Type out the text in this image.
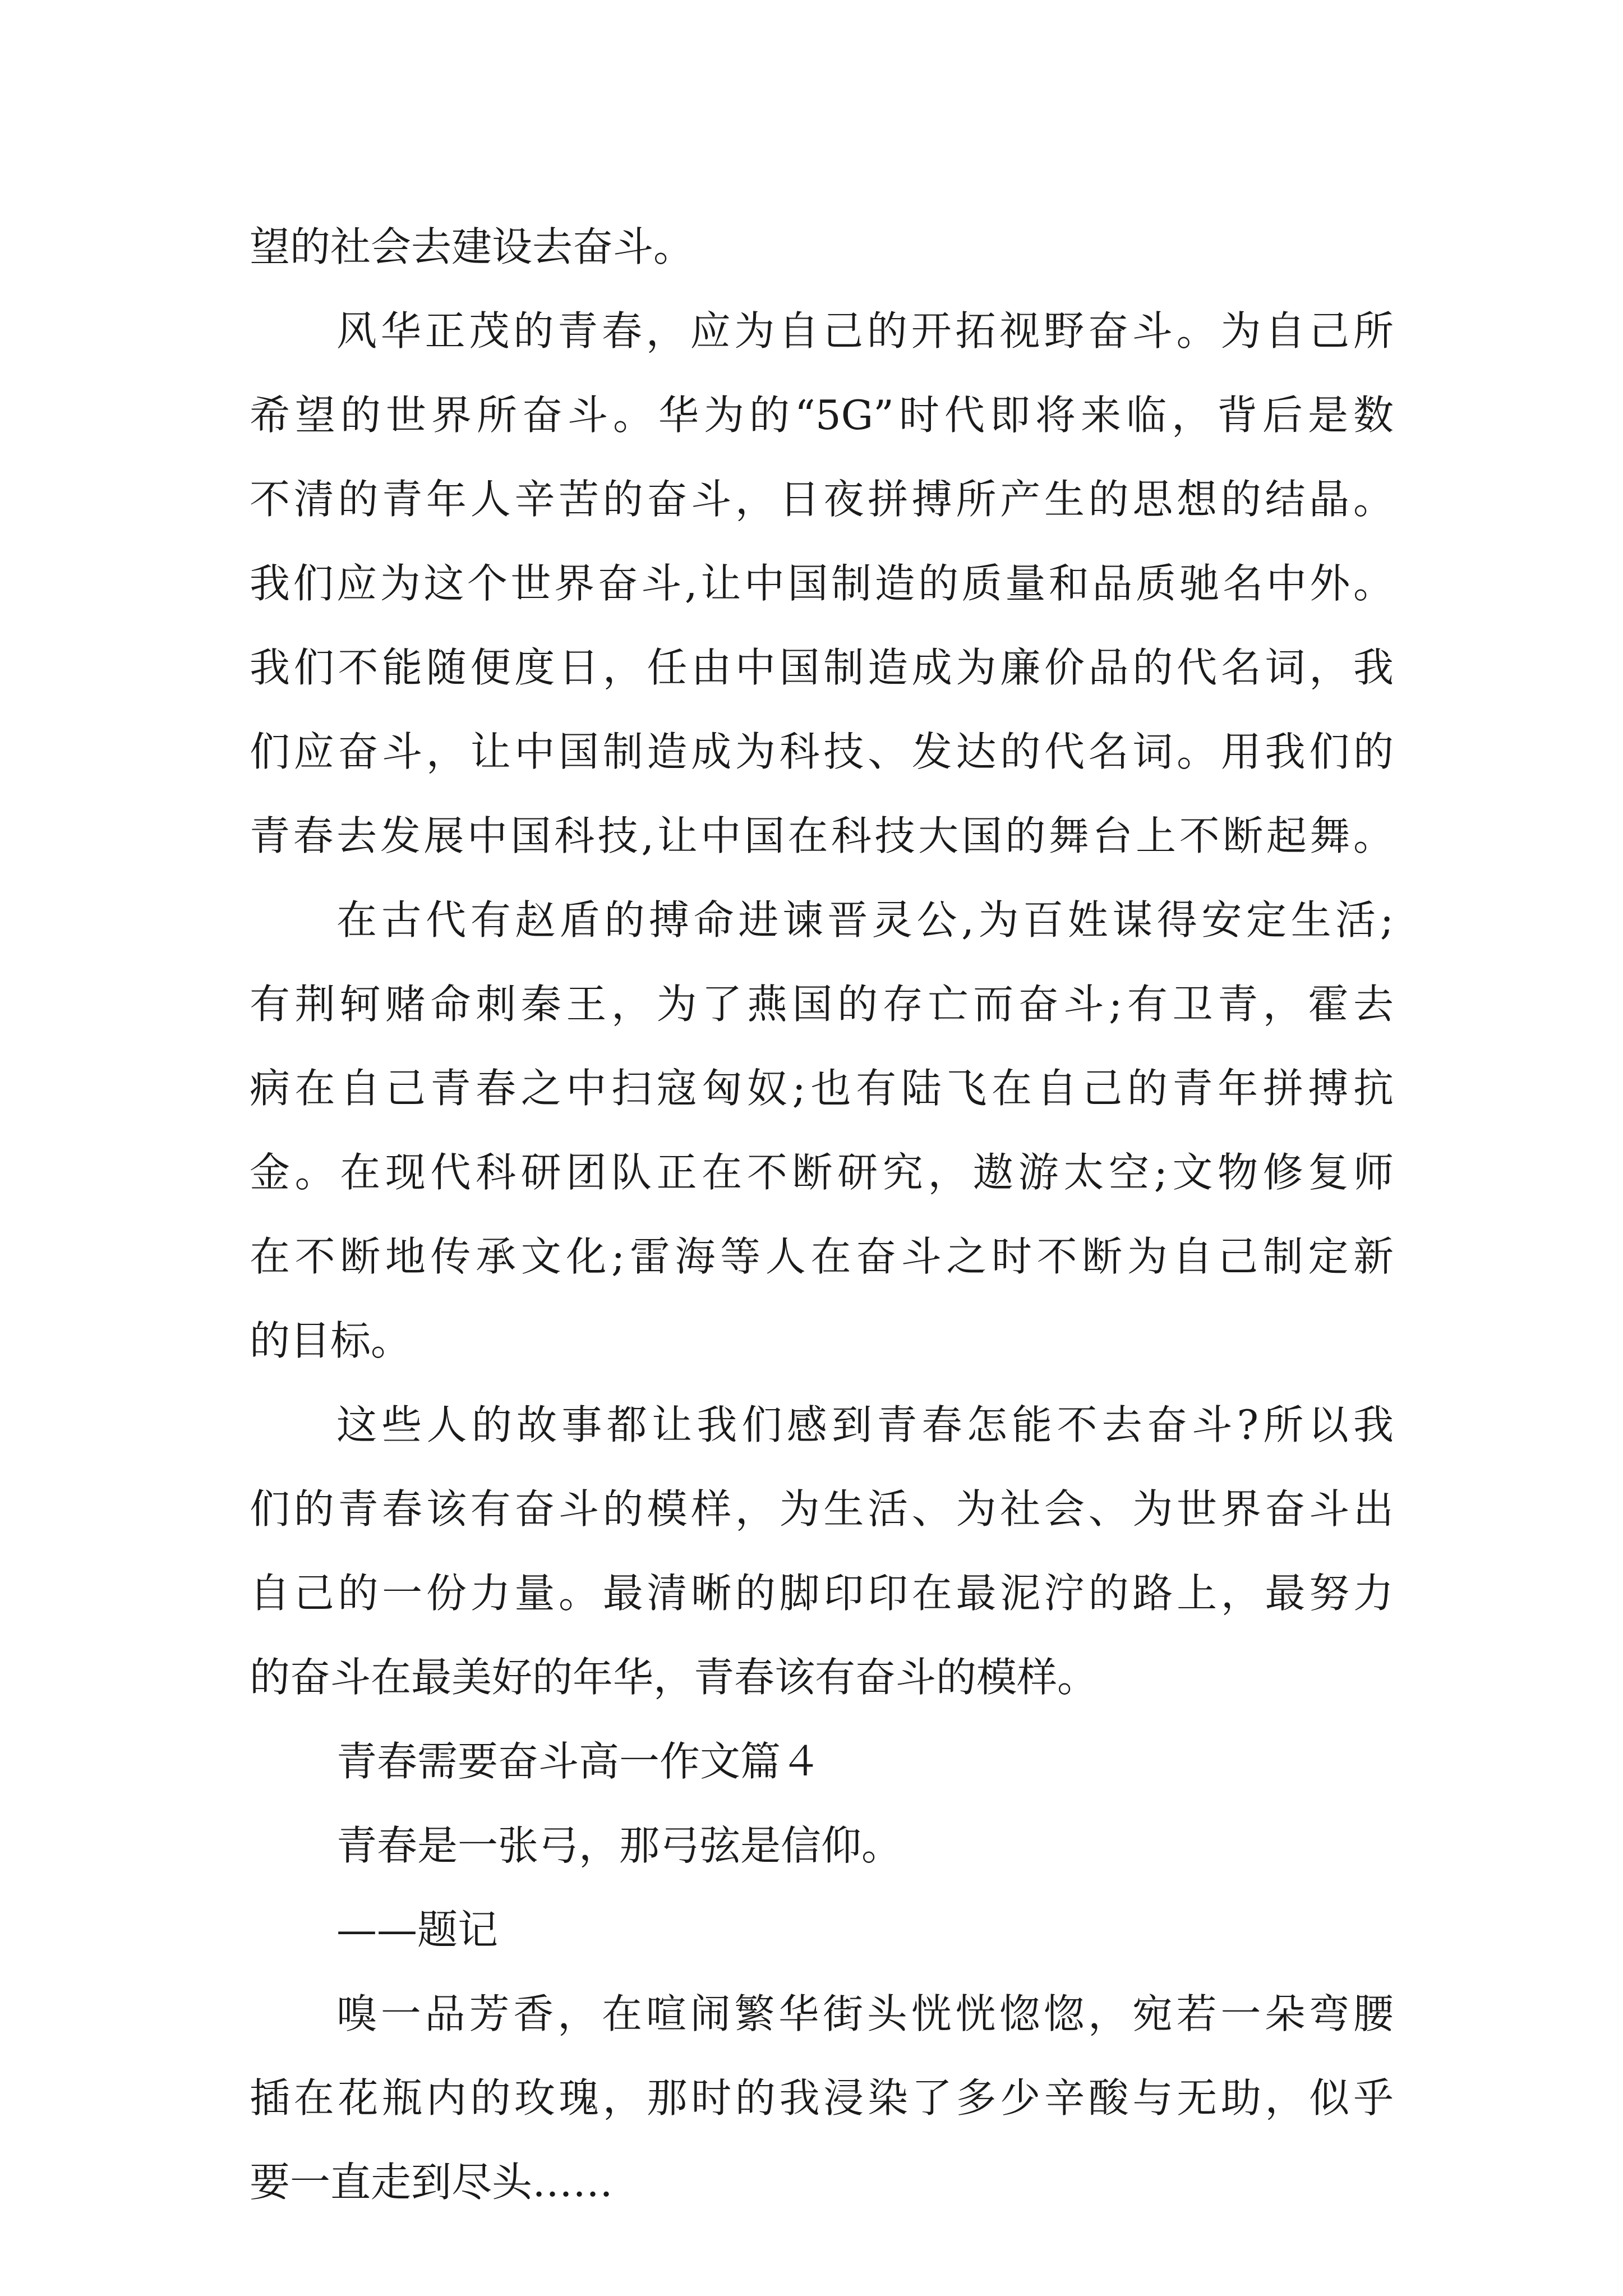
望的社会去建设去奋斗。
风华正茂的青春，应为自己的开拓视野奋斗。为自己所
希望的世界所奋斗。华为的“5G”时代即将来临，背后是数
不清的青年人辛苦的奋斗，日夜拼搏所产生的思想的结晶。
我们应为这个世界奋斗,让中国制造的质量和品质驰名中外。
我们不能随便度日，任由中国制造成为廉价品的代名词，我
们应奋斗，让中国制造成为科技、发达的代名词。用我们的
青春去发展中国科技,让中国在科技大国的舞台上不断起舞。
在古代有赵盾的搏命进谏晋灵公,为百姓谋得安定生活;
有荆轲赌命刺秦王，为了燕国的存亡而奋斗;有卫青，霍去
病在自己青春之中扫寇匈奴;也有陆飞在自己的青年拼搏抗
金。在现代科研团队正在不断研究，遨游太空;文物修复师
在不断地传承文化;雷海等人在奋斗之时不断为自己制定新
的目标。
这些人的故事都让我们感到青春怎能不去奋斗?所以我
们的青春该有奋斗的模样，为生活、为社会、为世界奋斗出
自己的一份力量。最清晰的脚印印在最泥泞的路上，最努力
的奋斗在最美好的年华，青春该有奋斗的模样。
青春需要奋斗高一作文篇４
青春是一张弓，那弓弦是信仰。
——题记
嗅一品芳香，在喧闹繁华街头恍恍惚惚，宛若一朵弯腰
插在花瓶内的玫瑰，那时的我浸染了多少辛酸与无助，似乎
要一直走到尽头……
